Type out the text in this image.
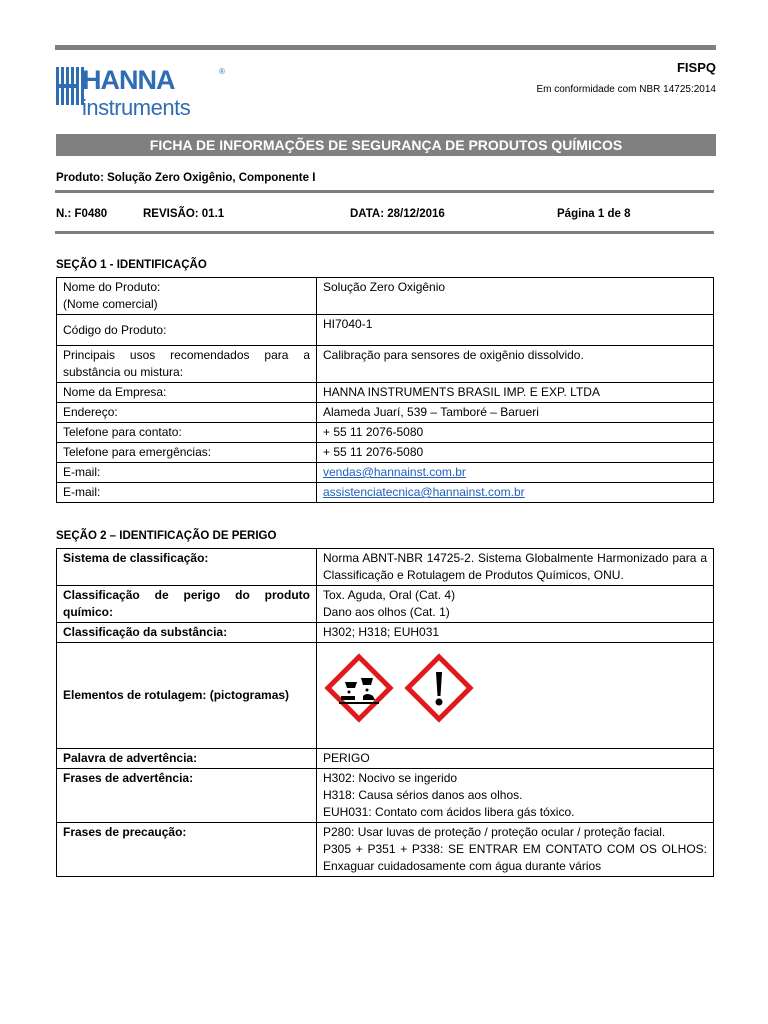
HANNA	®
instruments
FISPQ
Em conformidade com NBR 14725:2014
FICHA DE INFORMAÇÕES DE SEGURANÇA DE PRODUTOS QUÍMICOS
Produto: Solução Zero Oxigênio, Componente I
N.: F0480	REVISÃO: 01.1	DATA: 28/12/2016	Página 1 de 8
SEÇÃO 1 - IDENTIFICAÇÃO
Nome do Produto:
(Nome comercial)	Solução Zero Oxigênio
Código do Produto:	HI7040-1
Principais usos recomendados para a substância ou mistura:	Calibração para sensores de oxigênio dissolvido.
Nome da Empresa:	HANNA INSTRUMENTS BRASIL IMP. E EXP. LTDA
Endereço:	Alameda Juarí, 539 – Tamboré – Barueri
Telefone para contato:	+ 55 11 2076-5080
Telefone para emergências:	+ 55 11 2076-5080
E-mail:	vendas@hannainst.com.br
E-mail:	assistenciatecnica@hannainst.com.br
SEÇÃO 2 – IDENTIFICAÇÃO DE PERIGO
Sistema de classificação:	Norma ABNT-NBR 14725-2. Sistema Globalmente Harmonizado para a Classificação e Rotulagem de Produtos Químicos, ONU.
Classificação de perigo do produto químico:	Tox. Aguda, Oral (Cat. 4)
Dano aos olhos (Cat. 1)

Classificação da substância:	H302; H318; EUH031
Elementos de rotulagem: (pictogramas)	

Palavra de advertência:	PERIGO
Frases de advertência:	H302: Nocivo se ingerido
H318: Causa sérios danos aos olhos.
EUH031: Contato com ácidos libera gás tóxico.

Frases de precaução:	P280: Usar luvas de proteção / proteção ocular / proteção facial.
P305 + P351 + P338: SE ENTRAR EM CONTATO COM OS OLHOS: Enxaguar cuidadosamente com água durante vários
